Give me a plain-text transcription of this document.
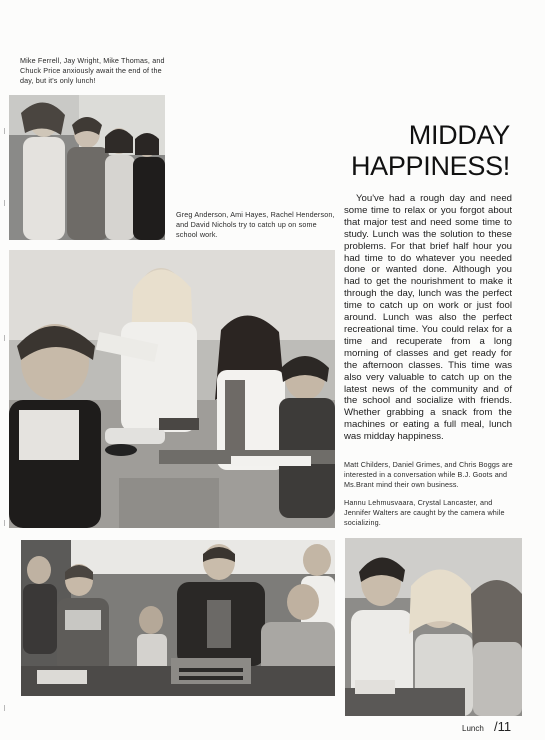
Mike Ferrell, Jay Wright, Mike Thomas, and Chuck Price anxiously await the end of the day, but it's only lunch!
Greg Anderson, Ami Hayes, Rachel Henderson, and David Nichols try to catch up on some school work.
MIDDAY
HAPPINESS!

You've had a rough day and need some time to relax or you forgot about that major test and need some time to study. Lunch was the solution to these problems. For that brief half hour you had time to do whatever you needed done or wanted done. Although you had to get the nourishment to make it through the day, lunch was the perfect time to catch up on work or just fool around. Lunch was also the perfect recreational time. You could relax for a time and recuperate from a long morning of classes and get ready for the afternoon classes. This time was also very valuable to catch up on the latest news of the community and of the school and socialize with friends. Whether grabbing a snack from the machines or eating a full meal, lunch was midday happiness.

Matt Childers, Daniel Grimes, and Chris Boggs are interested in a conversation while B.J. Goots and Ms.Brant mind their own business.
Hannu Lehmusvaara, Crystal Lancaster, and Jennifer Walters are caught by the camera while socializing.
Lunch /11
